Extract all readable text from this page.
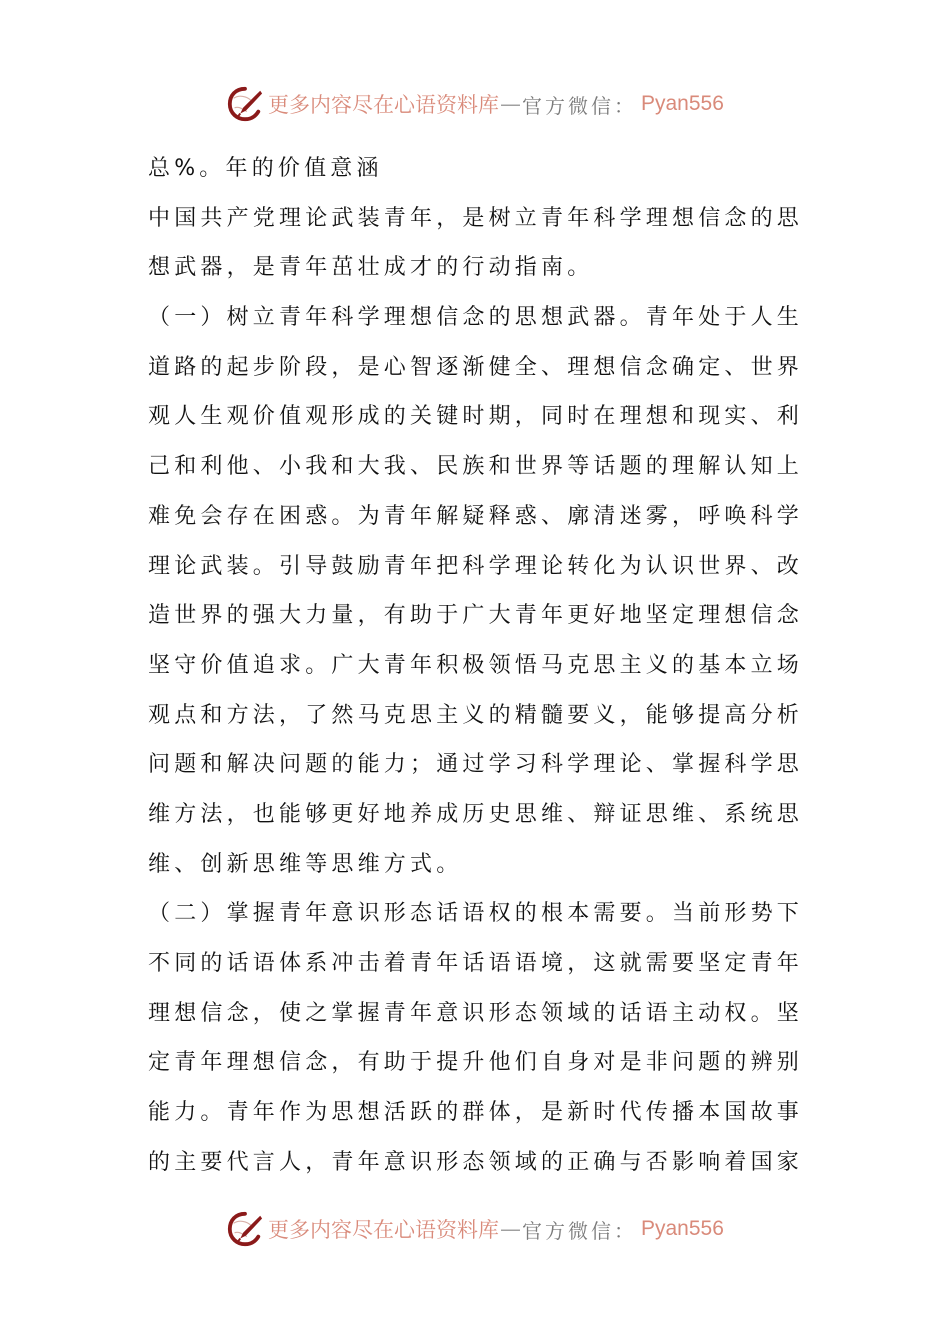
更多内容尽在心语资料库 — 官方微信： Pyan556
总%。年的价值意涵
中国共产党理论武装青年，是树立青年科学理想信念的思
想武器，是青年茁壮成才的行动指南。
（一）树立青年科学理想信念的思想武器。青年处于人生
道路的起步阶段，是心智逐渐健全、理想信念确定、世界
观人生观价值观形成的关键时期，同时在理想和现实、利
己和利他、小我和大我、民族和世界等话题的理解认知上
难免会存在困惑。为青年解疑释惑、廓清迷雾，呼唤科学
理论武装。引导鼓励青年把科学理论转化为认识世界、改
造世界的强大力量，有助于广大青年更好地坚定理想信念
坚守价值追求。广大青年积极领悟马克思主义的基本立场
观点和方法，了然马克思主义的精髓要义，能够提高分析
问题和解决问题的能力；通过学习科学理论、掌握科学思
维方法，也能够更好地养成历史思维、辩证思维、系统思
维、创新思维等思维方式。
（二）掌握青年意识形态话语权的根本需要。当前形势下
不同的话语体系冲击着青年话语语境，这就需要坚定青年
理想信念，使之掌握青年意识形态领域的话语主动权。坚
定青年理想信念，有助于提升他们自身对是非问题的辨别
能力。青年作为思想活跃的群体，是新时代传播本国故事
的主要代言人，青年意识形态领域的正确与否影响着国家
更多内容尽在心语资料库 — 官方微信： Pyan556
